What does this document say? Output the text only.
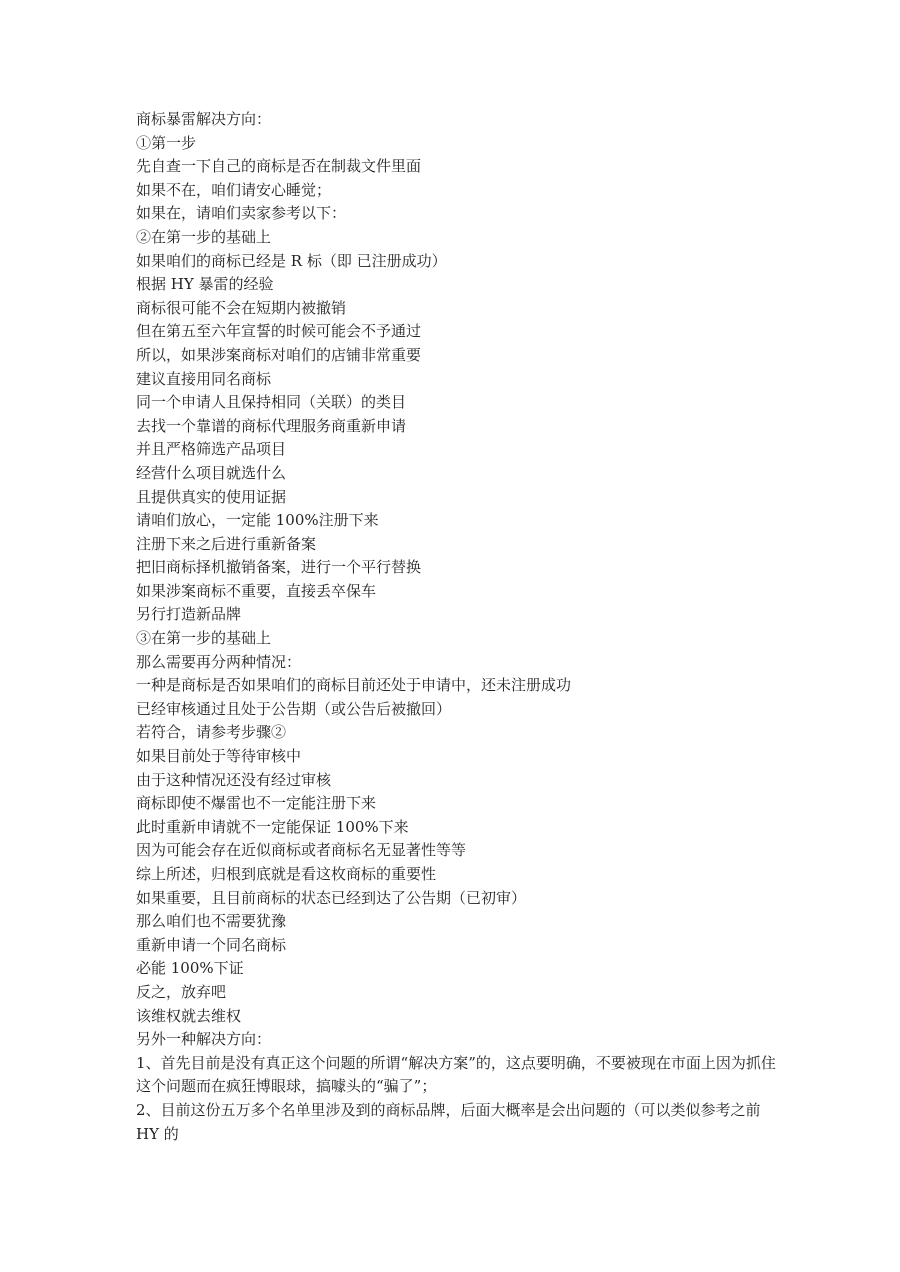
商标暴雷解决方向：
①第一步
先自查一下自己的商标是否在制裁文件里面
如果不在，咱们请安心睡觉；
如果在，请咱们卖家参考以下：
②在第一步的基础上
如果咱们的商标已经是 R 标（即 已注册成功）
根据 HY 暴雷的经验
商标很可能不会在短期内被撤销
但在第五至六年宣誓的时候可能会不予通过
所以，如果涉案商标对咱们的店铺非常重要
建议直接用同名商标
同一个申请人且保持相同（关联）的类目
去找一个靠谱的商标代理服务商重新申请
并且严格筛选产品项目
经营什么项目就选什么
且提供真实的使用证据
请咱们放心，一定能 100%注册下来
注册下来之后进行重新备案
把旧商标择机撤销备案，进行一个平行替换
如果涉案商标不重要，直接丢卒保车
另行打造新品牌
③在第一步的基础上
那么需要再分两种情况：
一种是商标是否如果咱们的商标目前还处于申请中，还未注册成功
已经审核通过且处于公告期（或公告后被撤回）
若符合，请参考步骤②
如果目前处于等待审核中
由于这种情况还没有经过审核
商标即使不爆雷也不一定能注册下来
此时重新申请就不一定能保证 100%下来
因为可能会存在近似商标或者商标名无显著性等等
综上所述，归根到底就是看这枚商标的重要性
如果重要，且目前商标的状态已经到达了公告期（已初审）
那么咱们也不需要犹豫
重新申请一个同名商标
必能 100%下证
反之，放弃吧
该维权就去维权
另外一种解决方向：
1、首先目前是没有真正这个问题的所谓“解决方案”的，这点要明确，不要被现在市面上因为抓住这个问题而在疯狂博眼球，搞噱头的“骗了”；
2、目前这份五万多个名单里涉及到的商标品牌，后面大概率是会出问题的（可以类似参考之前 HY 的
